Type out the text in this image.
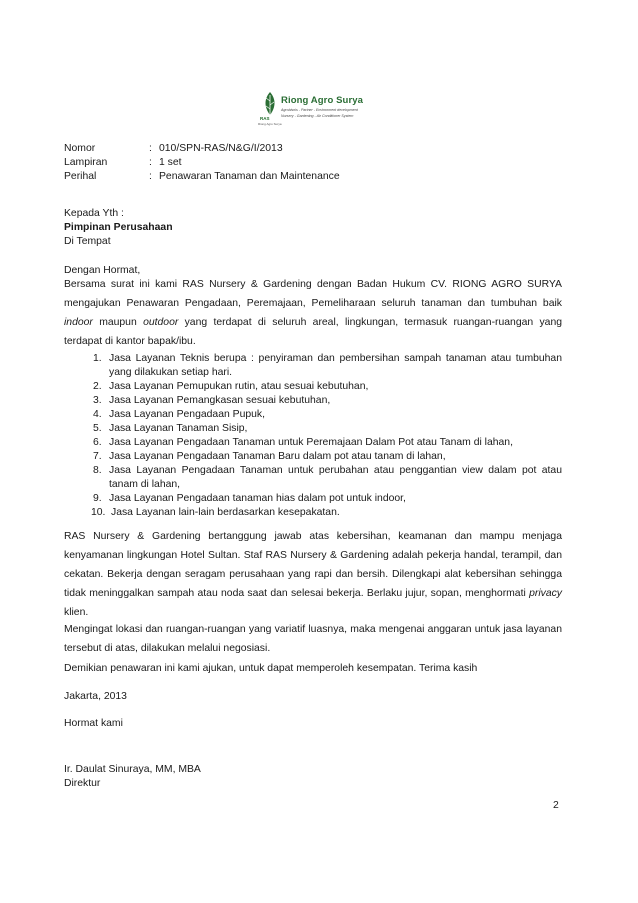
RAS
Riong Agro Surya
Riong Agro Surya
Agrobisnis - Partner - Environment development
Nursery - Gardening - Air Conditioner System
Nomor	: 010/SPN-RAS/N&G/I/2013
Lampiran	: 1 set
Perihal	: Penawaran Tanaman dan Maintenance
Kepada Yth :
Pimpinan Perusahaan
Di Tempat
Dengan Hormat,
Bersama surat ini kami RAS Nursery & Gardening dengan Badan Hukum CV. RIONG AGRO SURYA mengajukan Penawaran Pengadaan, Peremajaan, Pemeliharaan seluruh tanaman dan tumbuhan baik indoor maupun outdoor yang terdapat di seluruh areal, lingkungan, termasuk ruangan-ruangan yang terdapat di kantor bapak/ibu.
1. Jasa Layanan Teknis berupa : penyiraman dan pembersihan sampah tanaman atau tumbuhan yang dilakukan setiap hari.
2. Jasa Layanan Pemupukan rutin, atau sesuai kebutuhan,
3. Jasa Layanan Pemangkasan sesuai kebutuhan,
4. Jasa Layanan Pengadaan Pupuk,
5. Jasa Layanan Tanaman Sisip,
6. Jasa Layanan Pengadaan Tanaman untuk Peremajaan Dalam Pot atau Tanam di lahan,
7. Jasa Layanan Pengadaan Tanaman Baru dalam pot atau tanam di lahan,
8. Jasa Layanan Pengadaan Tanaman untuk perubahan atau penggantian view dalam pot atau tanam di lahan,
9. Jasa Layanan Pengadaan tanaman hias dalam pot untuk indoor,
10. Jasa Layanan lain-lain berdasarkan kesepakatan.
RAS Nursery & Gardening bertanggung jawab atas kebersihan, keamanan dan mampu menjaga kenyamanan lingkungan Hotel Sultan. Staf RAS Nursery & Gardening adalah pekerja handal, terampil, dan cekatan. Bekerja dengan seragam perusahaan yang rapi dan bersih. Dilengkapi alat kebersihan sehingga tidak meninggalkan sampah atau noda saat dan selesai bekerja. Berlaku jujur, sopan, menghormati privacy klien.
Mengingat lokasi dan ruangan-ruangan yang variatif luasnya, maka mengenai anggaran untuk jasa layanan tersebut di atas, dilakukan melalui negosiasi.
Demikian penawaran ini kami ajukan, untuk dapat memperoleh kesempatan. Terima kasih
Jakarta, 2013
Hormat kami
Ir. Daulat Sinuraya, MM, MBA
Direktur
2
